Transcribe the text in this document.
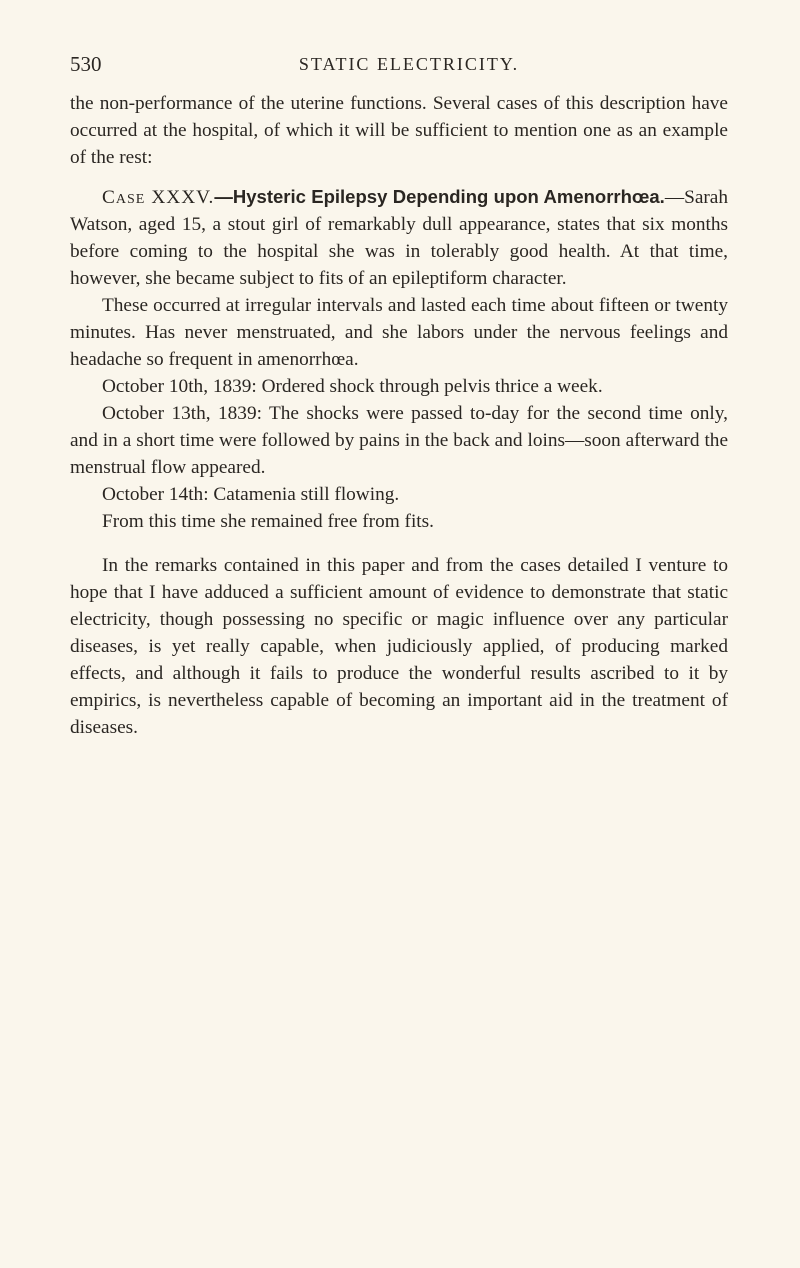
530	STATIC ELECTRICITY.

the non-performance of the uterine functions. Several cases of this description have occurred at the hospital, of which it will be sufficient to mention one as an example of the rest:

Case XXXV.—Hysteric Epilepsy Depending upon Amenorrhœa.—Sarah Watson, aged 15, a stout girl of remarkably dull appearance, states that six months before coming to the hospital she was in tolerably good health. At that time, however, she became subject to fits of an epileptiform character.

These occurred at irregular intervals and lasted each time about fifteen or twenty minutes. Has never menstruated, and she labors under the nervous feelings and headache so frequent in amenorrhœa.

October 10th, 1839: Ordered shock through pelvis thrice a week.

October 13th, 1839: The shocks were passed to-day for the second time only, and in a short time were followed by pains in the back and loins—soon afterward the menstrual flow appeared.

October 14th: Catamenia still flowing.

From this time she remained free from fits.

In the remarks contained in this paper and from the cases detailed I venture to hope that I have adduced a sufficient amount of evidence to demonstrate that static electricity, though possessing no specific or magic influence over any particular diseases, is yet really capable, when judiciously applied, of producing marked effects, and although it fails to produce the wonderful results ascribed to it by empirics, is nevertheless capable of becoming an important aid in the treatment of diseases.
